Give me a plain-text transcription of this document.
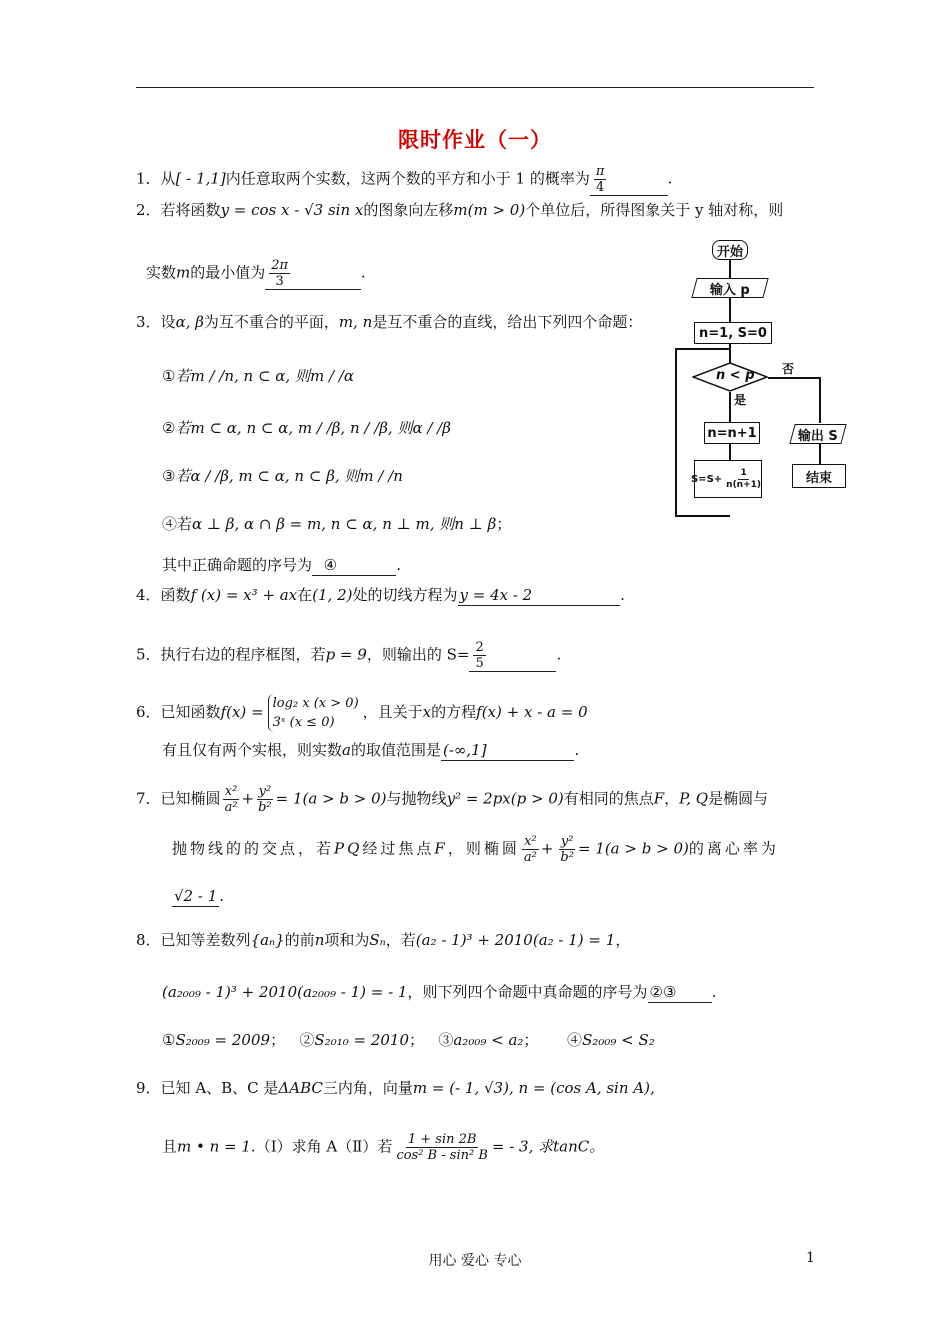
限时作业（一）
1．从[ - 1,1]内任意取两个实数，这两个数的平方和小于 1 的概率为 $\frac{\pi}{4}$	.
2．若将函数y = cos x - √3 sin x的图象向左移m(m > 0)个单位后，所得图象关于 y 轴对称，则
实数m的最小值为 $\frac{2\pi}{3}$	.
3．设α, β为互不重合的平面，m, n是互不重合的直线，给出下列四个命题：
①若m / /n, n ⊂ α, 则m / /α
②若m ⊂ α, n ⊂ α, m / /β, n / /β, 则α / /β
③若α / /β, m ⊂ α, n ⊂ β, 则m / /n
④若α ⊥ β, α ∩ β = m, n ⊂ α, n ⊥ m, 则n ⊥ β；
其中正确命题的序号为 ④	.
4．函数f (x) = x³ + ax在(1, 2)处的切线方程为 y = 4x - 2	.
5．执行右边的程序框图，若p = 9，则输出的 $S= \frac{2}{5}$	.
6．已知函数f(x) = log₂ x (x > 0)
3ˣ (x ≤ 0)
，且关于x的方程f(x) + x - a = 0
有且仅有两个实根，则实数a的取值范围是 (-∞,1]	.
7．已知椭圆 $\frac{\text{x²}}{\text{a²}} + \frac{\text{y²}}{\text{b²}} = 1(a > b > 0)$与抛物线y² = 2px(p > 0)有相同的焦点F，P, Q是椭圆与
抛物线的的交点，若PQ经过焦点F，则椭圆 $\frac{\text{x²}}{\text{a²}} + \frac{\text{y²}}{\text{b²}} = 1(a > b > 0)$的离心率为
√2 - 1 .
8．已知等差数列{aₙ}的前n项和为Sₙ，若(a₂ - 1)³ + 2010(a₂ - 1) = 1，
(a₂₀₀₉ - 1)³ + 2010(a₂₀₀₉ - 1) = - 1，则下列四个命题中真命题的序号为 ②③ .
①S₂₀₀₉ = 2009； ②S₂₀₁₀ = 2010； ③a₂₀₀₉ < a₂； ④S₂₀₀₉ < S₂
9．已知 A、B、C 是ΔABC三内角，向量m = (- 1, √3), n = (cos A, sin A),
且m • n = 1.（Ⅰ）求角 A（Ⅱ）若 $\frac{1 + \sin 2B}{\text{cos² B - sin² B}}$ = - 3, 求tanC。
开始
输入 p
n=1, S=0
n < p 否
是
n=n+1
$S=S+ \frac{1}{n(n+1)}$
输出 S
结束
用心 爱心 专心	1
